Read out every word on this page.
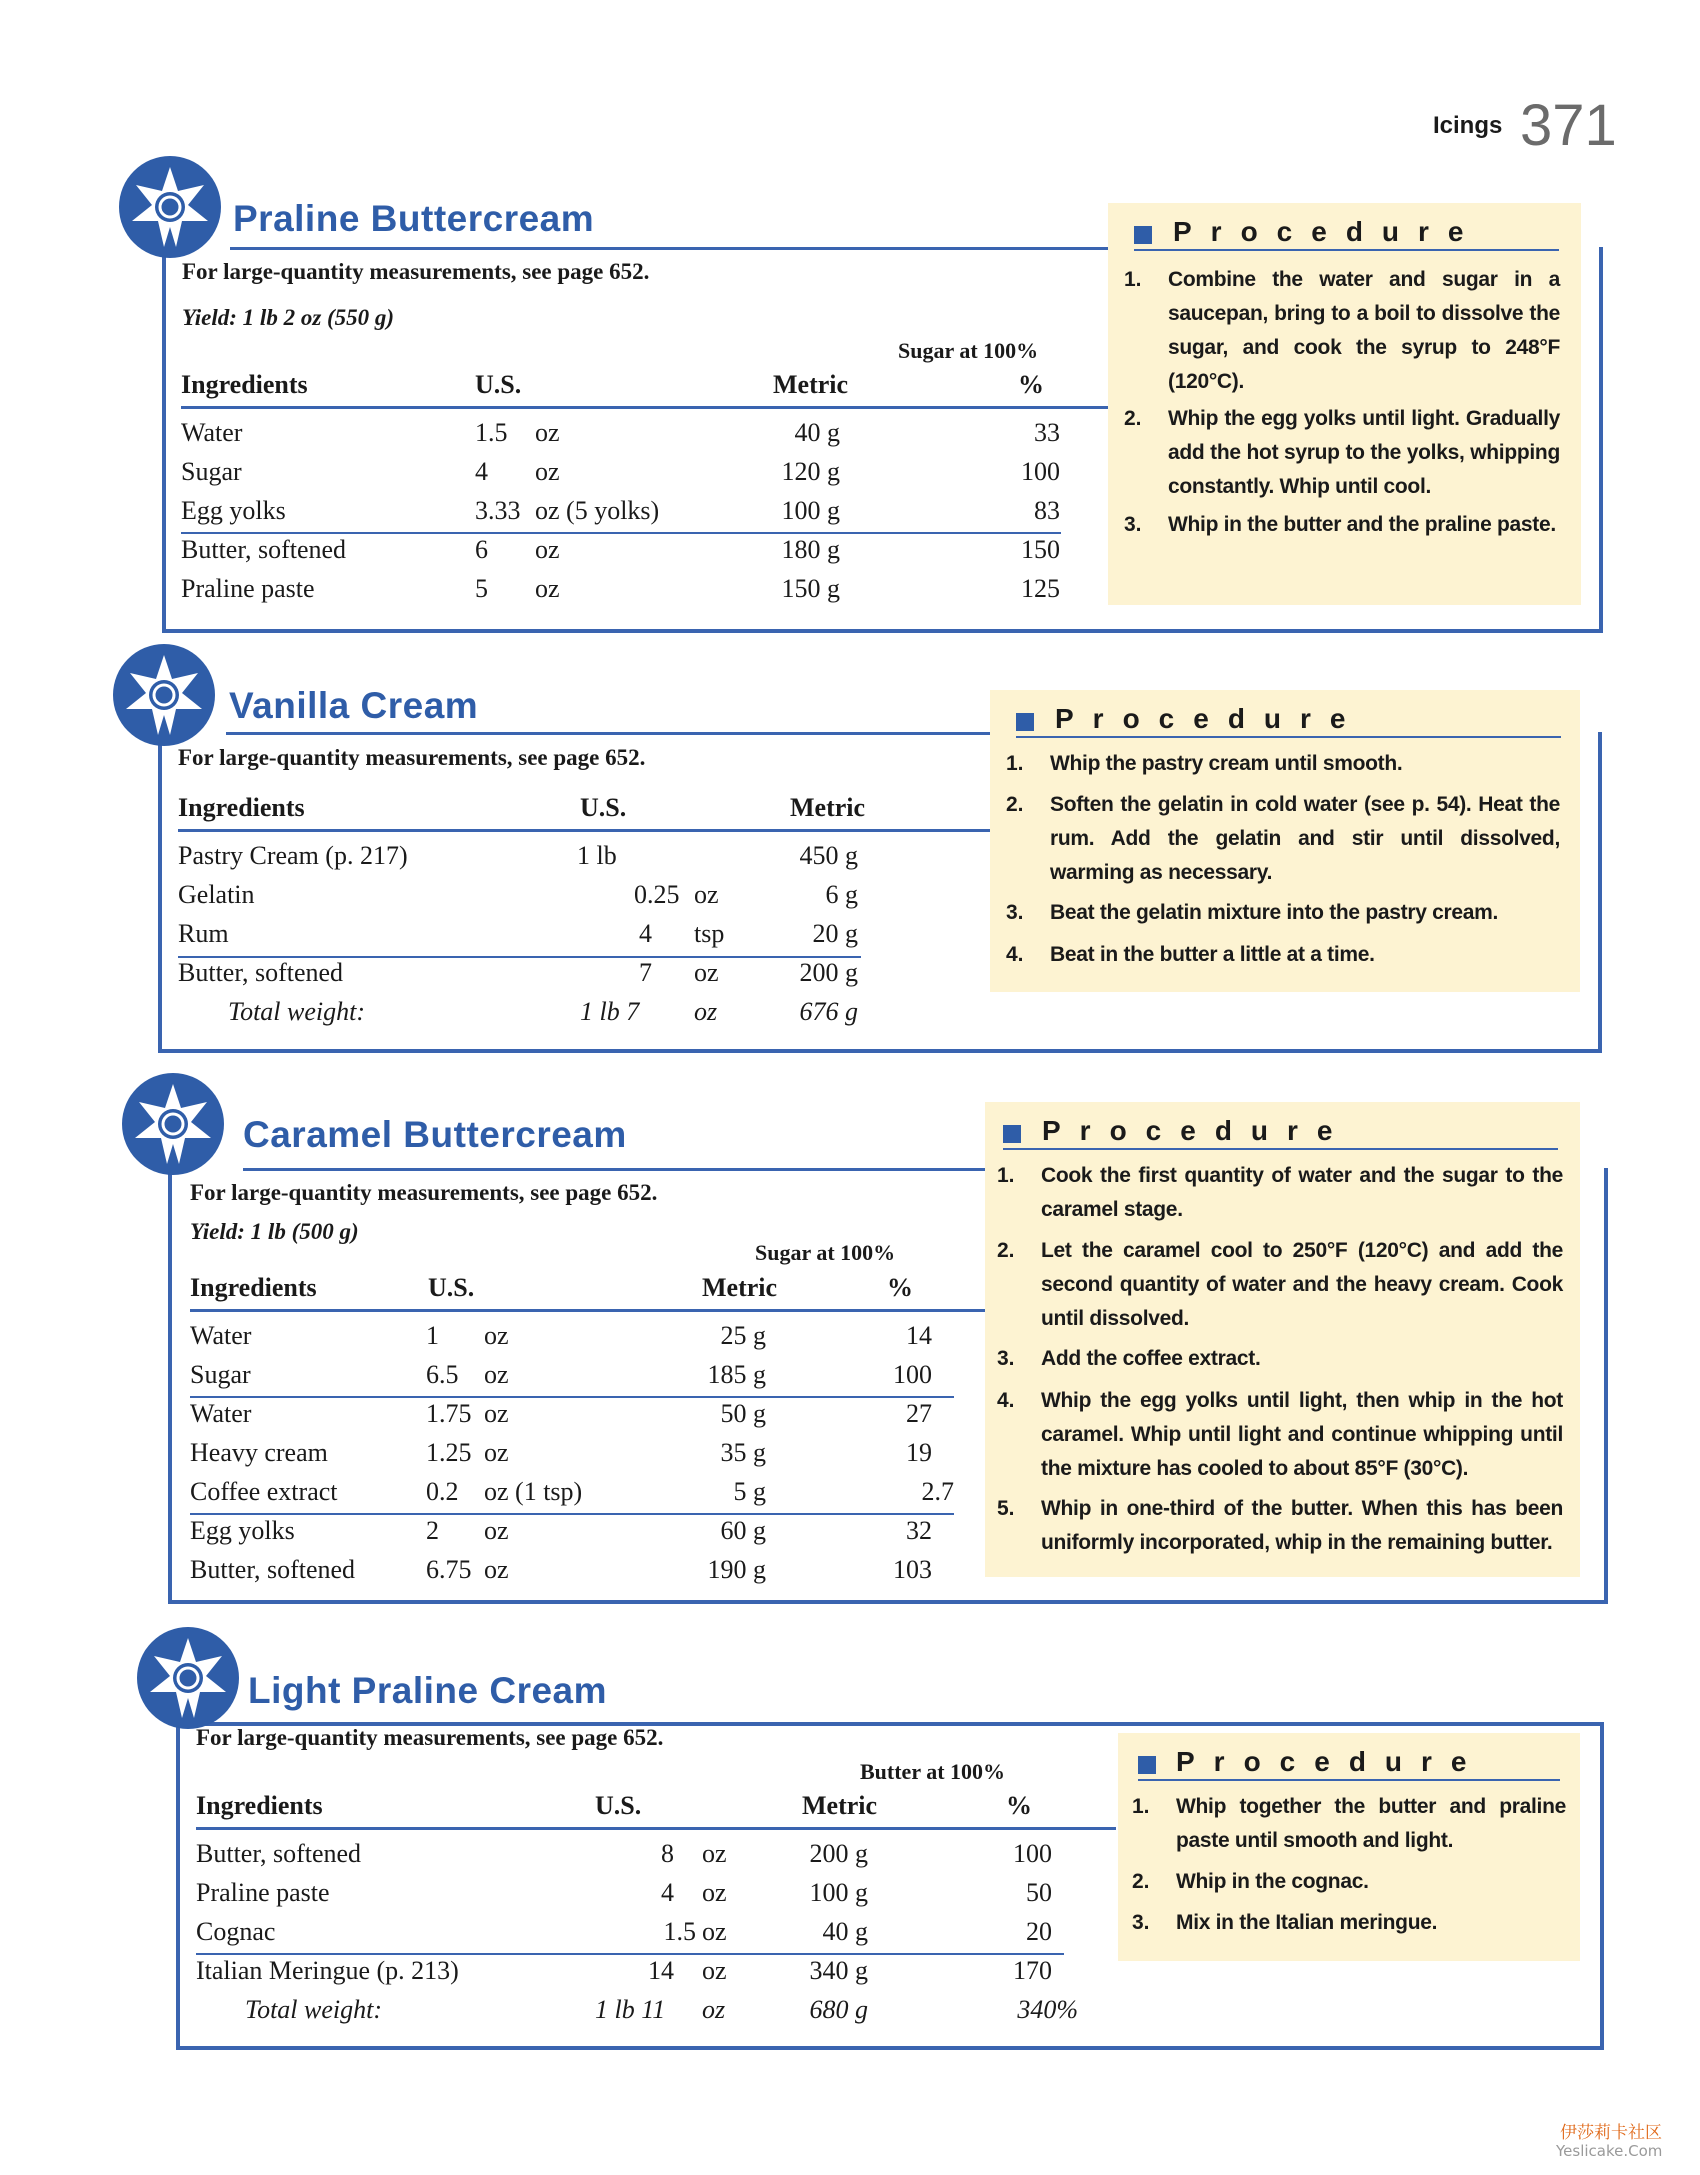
Icings 371
Praline Buttercream
For large-quantity measurements, see page 652.
Yield: 1 lb 2 oz (550 g)
Sugar at 100%
Ingredients	U.S.	Metric	%
Water	1.5 oz	40 g	33
Sugar	4 oz	120 g	100
Egg yolks	3.33 oz (5 yolks)	100 g	83
Butter, softened	6 oz	180 g	150
Praline paste	5 oz	150 g	125
Procedure
1. Combine the water and sugar in a saucepan, bring to a boil to dissolve the sugar, and cook the syrup to 248°F (120°C).
2. Whip the egg yolks until light. Gradually add the hot syrup to the yolks, whipping constantly. Whip until cool.
3. Whip in the butter and the praline paste.
Vanilla Cream
For large-quantity measurements, see page 652.
Ingredients	U.S.	Metric
Pastry Cream (p. 217)	1 lb	450 g
Gelatin	0.25 oz	6 g
Rum	4 tsp	20 g
Butter, softened	7 oz	200 g
Total weight:	1 lb 7 oz	676 g
Procedure
1. Whip the pastry cream until smooth.
2. Soften the gelatin in cold water (see p. 54). Heat the rum. Add the gelatin and stir until dissolved, warming as necessary.
3. Beat the gelatin mixture into the pastry cream.
4. Beat in the butter a little at a time.
Caramel Buttercream
For large-quantity measurements, see page 652.
Yield: 1 lb (500 g)
Sugar at 100%
Ingredients	U.S.	Metric	%
Water	1 oz	25 g	14
Sugar	6.5 oz	185 g	100
Water	1.75 oz	50 g	27
Heavy cream	1.25 oz	35 g	19
Coffee extract	0.2 oz (1 tsp)	5 g	2.7
Egg yolks	2 oz	60 g	32
Butter, softened	6.75 oz	190 g	103
Procedure
1. Cook the first quantity of water and the sugar to the caramel stage.
2. Let the caramel cool to 250°F (120°C) and add the second quantity of water and the heavy cream. Cook until dissolved.
3. Add the coffee extract.
4. Whip the egg yolks until light, then whip in the hot caramel. Whip until light and continue whipping until the mixture has cooled to about 85°F (30°C).
5. Whip in one-third of the butter. When this has been uniformly incorporated, whip in the remaining butter.
Light Praline Cream
For large-quantity measurements, see page 652.
Butter at 100%
Ingredients	U.S.	Metric	%
Butter, softened	8 oz	200 g	100
Praline paste	4 oz	100 g	50
Cognac	1.5 oz	40 g	20
Italian Meringue (p. 213)	14 oz	340 g	170
Total weight:	1 lb 11 oz	680 g	340%
Procedure
1. Whip together the butter and praline paste until smooth and light.
2. Whip in the cognac.
3. Mix in the Italian meringue.
伊莎莉卡社区
Yeslicake.Com
